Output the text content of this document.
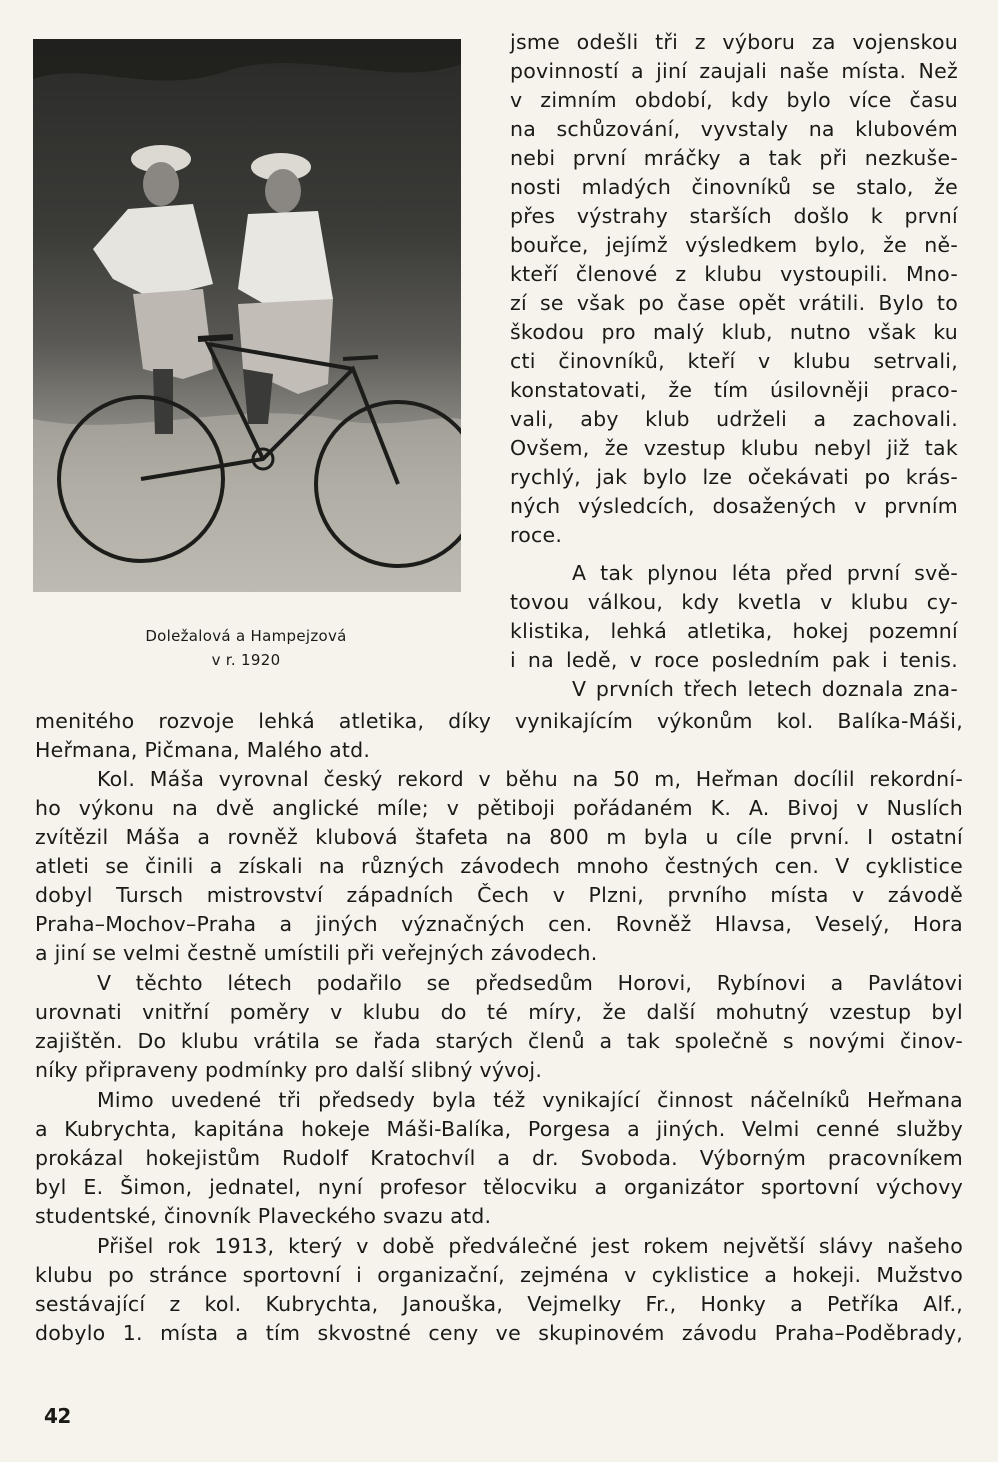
Doležalová a Hampejzová
v r. 1920
jsme odešli tři z výboru za vojenskou
povinností a jiní zaujali naše místa. Než
v zimním období, kdy bylo více času
na schůzování, vyvstaly na klubovém
nebi první mráčky a tak při nezkuše-
nosti mladých činovníků se stalo, že
přes výstrahy starších došlo k první
bouřce, jejímž výsledkem bylo, že ně-
kteří členové z klubu vystoupili. Mno-
zí se však po čase opět vrátili. Bylo to
škodou pro malý klub, nutno však ku
cti činovníků, kteří v klubu setrvali,
konstatovati, že tím úsilovněji praco-
vali, aby klub udrželi a zachovali.
Ovšem, že vzestup klubu nebyl již tak
rychlý, jak bylo lze očekávati po krás-
ných výsledcích, dosažených v prvním
roce.
A tak plynou léta před první svě-
tovou válkou, kdy kvetla v klubu cy-
klistika, lehká atletika, hokej pozemní
i na ledě, v roce posledním pak i tenis.
V prvních třech letech doznala zna-
menitého rozvoje lehká atletika, díky vynikajícím výkonům kol. Balíka-Máši,
Heřmana, Pičmana, Malého atd.
Kol. Máša vyrovnal český rekord v běhu na 50 m, Heřman docílil rekordní-
ho výkonu na dvě anglické míle; v pětiboji pořádaném K. A. Bivoj v Nuslích
zvítězil Máša a rovněž klubová štafeta na 800 m byla u cíle první. I ostatní
atleti se činili a získali na různých závodech mnoho čestných cen. V cyklistice
dobyl Tursch mistrovství západních Čech v Plzni, prvního místa v závodě
Praha–Mochov–Praha a jiných význačných cen. Rovněž Hlavsa, Veselý, Hora
a jiní se velmi čestně umístili při veřejných závodech.
V těchto létech podařilo se předsedům Horovi, Rybínovi a Pavlátovi
urovnati vnitřní poměry v klubu do té míry, že další mohutný vzestup byl
zajištěn. Do klubu vrátila se řada starých členů a tak společně s novými činov-
níky připraveny podmínky pro další slibný vývoj.
Mimo uvedené tři předsedy byla též vynikající činnost náčelníků Heřmana
a Kubrychta, kapitána hokeje Máši-Balíka, Porgesa a jiných. Velmi cenné služby
prokázal hokejistům Rudolf Kratochvíl a dr. Svoboda. Výborným pracovníkem
byl E. Šimon, jednatel, nyní profesor tělocviku a organizátor sportovní výchovy
studentské, činovník Plaveckého svazu atd.
Přišel rok 1913, který v době předválečné jest rokem největší slávy našeho
klubu po stránce sportovní i organizační, zejména v cyklistice a hokeji. Mužstvo
sestávající z kol. Kubrychta, Janouška, Vejmelky Fr., Honky a Petříka Alf.,
dobylo 1. místa a tím skvostné ceny ve skupinovém závodu Praha–Poděbrady,
42
